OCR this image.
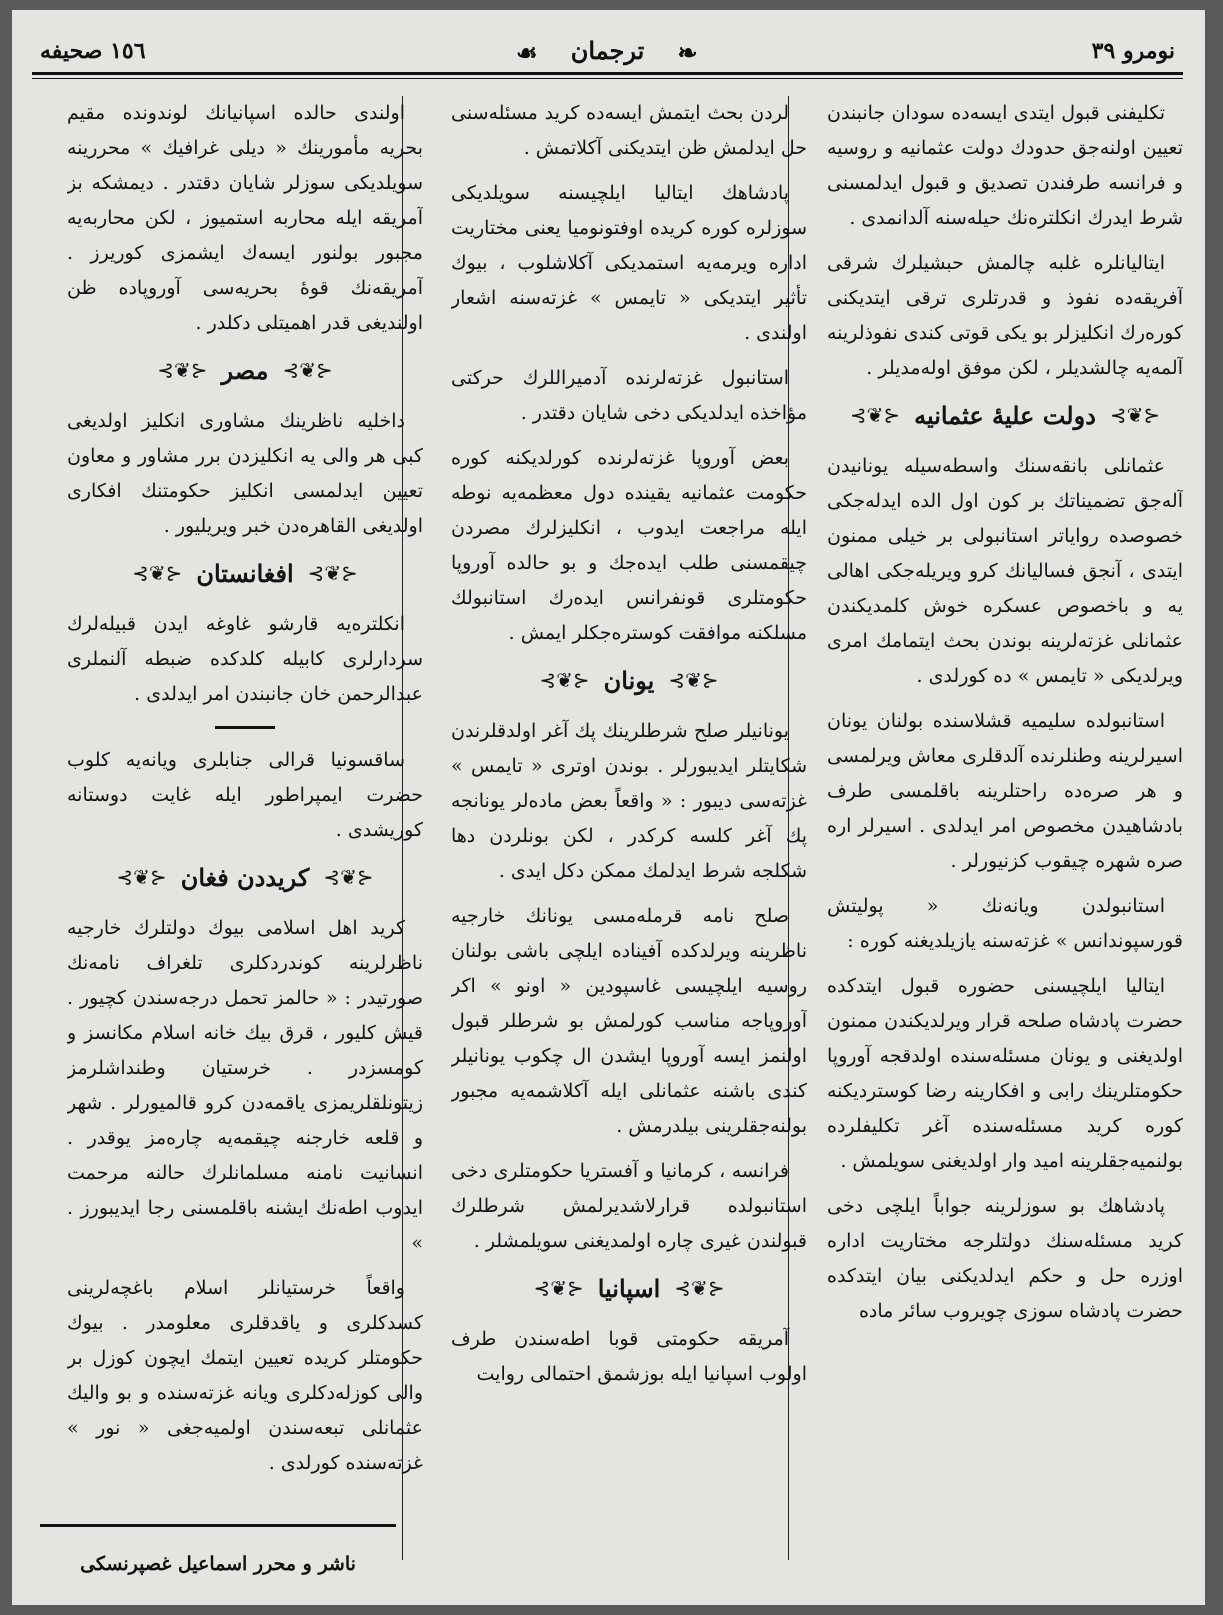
نومرو ٣٩
☙ ترجمان ❧
١٥٦ صحيفه

تكليفنى قبول ايتدى ايسه‌ده سودان جانبندن تعيين اولنه‌جق حدودك دولت عثمانيه و روسيه و فرانسه طرفندن تصديق و قبول ايدلمسنى شرط ايدرك انكلتره‌نك حيله‌سنه آلدانمدى .

ايتاليانلره غلبه چالمش حبشيلرك شرقى آفريقه‌ده نفوذ و قدرتلرى ترقى ايتديكنى كوره‌رك انكليزلر بو يكى قوتى كندى نفوذلرينه آلمه‌يه چالشديلر ، لكن موفق اوله‌مديلر .

⊰❦⊱
دولت عليهٔ عثمانيه
⊰❦⊱

عثمانلى بانقه‌سنك واسطه‌سيله يونانيدن آله‌جق تضميناتك بر كون اول الده ايدله‌جكى خصوصده رواياتر استانبولى بر خيلى ممنون ايتدى ، آنجق فساليانك كرو ويريله‌جكى اهالى يه و باخصوص عسكره خوش كلمديكندن عثمانلى غزته‌لرينه بوندن بحث ايتمامك امرى ويرلديكى « تايمس » ده كورلدى .

استانبولده سليميه قشلاسنده بولنان يونان اسيرلرينه وطنلرنده آلدقلرى معاش ويرلمسى و هر صره‌ده راحتلرينه باقلمسى طرف بادشاهيدن مخصوص امر ايدلدى . اسيرلر اره صره شهره چيقوب كزنيورلر .

استانبولدن ويانه‌نك « پوليتش قورسپوندانس » غزته‌سنه يازيلديغنه كوره :

ايتاليا ايلچيسنى حضوره قبول ايتدكده حضرت پادشاه صلحه قرار ويرلديكندن ممنون اولديغنى و يونان مسئله‌سنده اولدقجه آوروپا حكومتلرينك رابى و افكارينه رضا كوسترديكنه كوره كريد مسئله‌سنده آغر تكليفلرده بولنميه‌جقلرينه اميد وار اولديغنى سويلمش .

پادشاهك بو سوزلرينه جواباً ايلچى دخى كريد مسئله‌سنك دولتلرجه مختاريت اداره اوزره حل و حكم ايدلديكنى بيان ايتدكده حضرت پادشاه سوزى چويروب سائر ماده

لردن بحث ايتمش ايسه‌ده كريد مسئله‌سنى حل ايدلمش ظن ايتديكنى آكلاتمش .

پادشاهك ايتاليا ايلچيسنه سويلديكى سوزلره كوره كريده اوفتونوميا يعنى مختاريت اداره ويرمه‌يه استمديكى آكلاشلوب ، بيوك تأثير ايتديكى « تايمس » غزته‌سنه اشعار اولندى .

استانبول غزته‌لرنده آدميراللرك حركتى مؤاخذه ايدلديكى دخى شايان دقتدر .

بعض آوروپا غزته‌لرنده كورلديكنه كوره حكومت عثمانيه يقينده دول معظمه‌يه نوطه ايله مراجعت ايدوب ، انكليزلرك مصردن چيقمسنى طلب ايده‌جك و بو حالده آوروپا حكومتلرى قونفرانس ايده‌رك استانبولك مسلكنه موافقت كوستره‌جكلر ايمش .

⊰❦⊱
يونان
⊰❦⊱

يونانيلر صلح شرطلرينك پك آغر اولدقلرندن شكايتلر ايديبورلر . بوندن اوترى « تايمس » غزته‌سى ديبور : « واقعاً بعض ماده‌لر يونانجه پك آغر كلسه كركدر ، لكن بونلردن دها شكلجه شرط ايدلمك ممكن دكل ايدى .

صلح نامه قرمله‌مسى يونانك خارجيه ناظرينه ويرلدكده آفيناده ايلچى باشى بولنان روسيه ايلچيسى غاسپودين « اونو » اكر آوروپاجه مناسب كورلمش بو شرطلر قبول اولنمز ايسه آوروپا ايشدن ال چكوب يونانيلر كندى باشنه عثمانلى ايله آكلاشمه‌يه مجبور بولنه‌جقلرينى بيلدرمش .

فرانسه ، كرمانيا و آفستريا حكومتلرى دخى استانبولده قرارلاشديرلمش شرطلرك قبولندن غيرى چاره اولمديغنى سويلمشلر .

⊰❦⊱
اسپانيا
⊰❦⊱

آمريقه حكومتى قوبا اطه‌سندن طرف اولوب اسپانيا ايله بوزشمق احتمالى روايت

اولندى حالده اسپانيانك لوندونده مقيم بحريه مأمورينك « ديلى غرافيك » محررينه سويلديكى سوزلر شايان دقتدر . ديمشكه بز آمريقه ايله محاربه استميوز ، لكن محاربه‌يه مجبور بولنور ايسه‌ك ايشمزى كوريرز . آمريقه‌نك قوهٔ بحريه‌سى آوروپاده ظن اولنديغى قدر اهميتلى دكلدر .

⊰❦⊱
مصر
⊰❦⊱

داخليه ناظرينك مشاورى انكليز اولديغى كبى هر والى يه انكليزدن برر مشاور و معاون تعيين ايدلمسى انكليز حكومتنك افكارى اولديغى القاهره‌دن خبر ويريليور .

⊰❦⊱
افغانستان
⊰❦⊱

انكلتره‌يه قارشو غاوغه ايدن قبيله‌لرك سردارلرى كابيله كلدكده ضبطه آلنملرى عبدالرحمن خان جانبندن امر ايدلدى .

ساقسونيا قرالى جنابلرى ويانه‌يه كلوب حضرت ايمپراطور ايله غايت دوستانه كوريشدى .

⊰❦⊱
كريددن فغان
⊰❦⊱

كريد اهل اسلامى بيوك دولتلرك خارجيه ناظرلرينه كوندردكلرى تلغراف نامه‌نك صورتيدر : « حالمز تحمل درجه‌سندن كچيور . قيش كليور ، قرق بيك خانه اسلام مكانسز و كومسزدر . خرستيان وطنداشلرمز زيتونلقلريمزى ياقمه‌دن كرو قالميورلر . شهر و قلعه خارجنه چيقمه‌يه چاره‌مز يوقدر . انسانيت نامنه مسلمانلرك حالنه مرحمت ايدوب اطه‌نك ايشنه باقلمسنى رجا ايديبورز . »

واقعاً خرستيانلر اسلام باغچه‌لرينى كسدكلرى و ياقدقلرى معلومدر . بيوك حكومتلر كريده تعيين ايتمك ايچون كوزل بر والى كوزله‌دكلرى ويانه غزته‌سنده و بو واليك عثمانلى تبعه‌سندن اولميه‌جغى « نور » غزته‌سنده كورلدى .

ناشر و محرر اسماعيل غصپرنسكى
